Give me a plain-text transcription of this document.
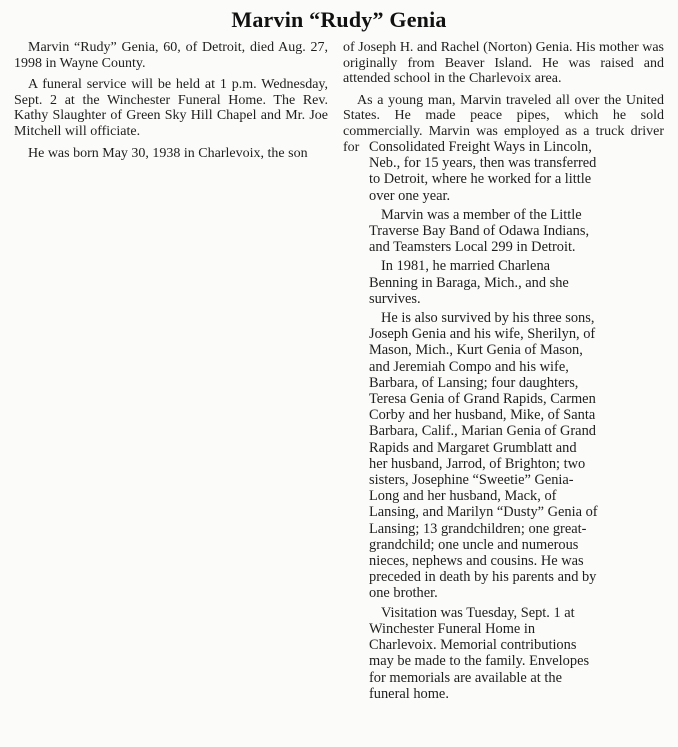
Marvin “Rudy” Genia

Marvin “Rudy” Genia, 60, of Detroit, died Aug. 27, 1998 in Wayne County.

A funeral service will be held at 1 p.m. Wednesday, Sept. 2 at the Winchester Funeral Home. The Rev. Kathy Slaughter of Green Sky Hill Chapel and Mr. Joe Mitchell will officiate.

He was born May 30, 1938 in Charlevoix, the son

of Joseph H. and Rachel (Norton) Genia. His mother was originally from Beaver Island. He was raised and attended school in the Charlevoix area.

As a young man, Marvin traveled all over the United States. He made peace pipes, which he sold commercially. Marvin was employed as a truck driver for Consolidated Freight Ways in Lincoln, Neb., for 15 years, then was transferred to Detroit, where he worked for a little over one year.

Marvin was a member of the Little Traverse Bay Band of Odawa Indians, and Teamsters Local 299 in Detroit.

In 1981, he married Charlena Benning in Baraga, Mich., and she survives.

He is also survived by his three sons, Joseph Genia and his wife, Sherilyn, of Mason, Mich., Kurt Genia of Mason, and Jeremiah Compo and his wife, Barbara, of Lansing; four daughters, Teresa Genia of Grand Rapids, Carmen Corby and her husband, Mike, of Santa Barbara, Calif., Marian Genia of Grand Rapids and Margaret Grumblatt and her husband, Jarrod, of Brighton; two sisters, Josephine “Sweetie” Genia-Long and her husband, Mack, of Lansing, and Marilyn “Dusty” Genia of Lansing; 13 grandchildren; one great-grandchild; one uncle and numerous nieces, nephews and cousins. He was preceded in death by his parents and by one brother.

Visitation was Tuesday, Sept. 1 at Winchester Funeral Home in Charlevoix. Memorial contributions may be made to the family. Envelopes for memorials are available at the funeral home.
